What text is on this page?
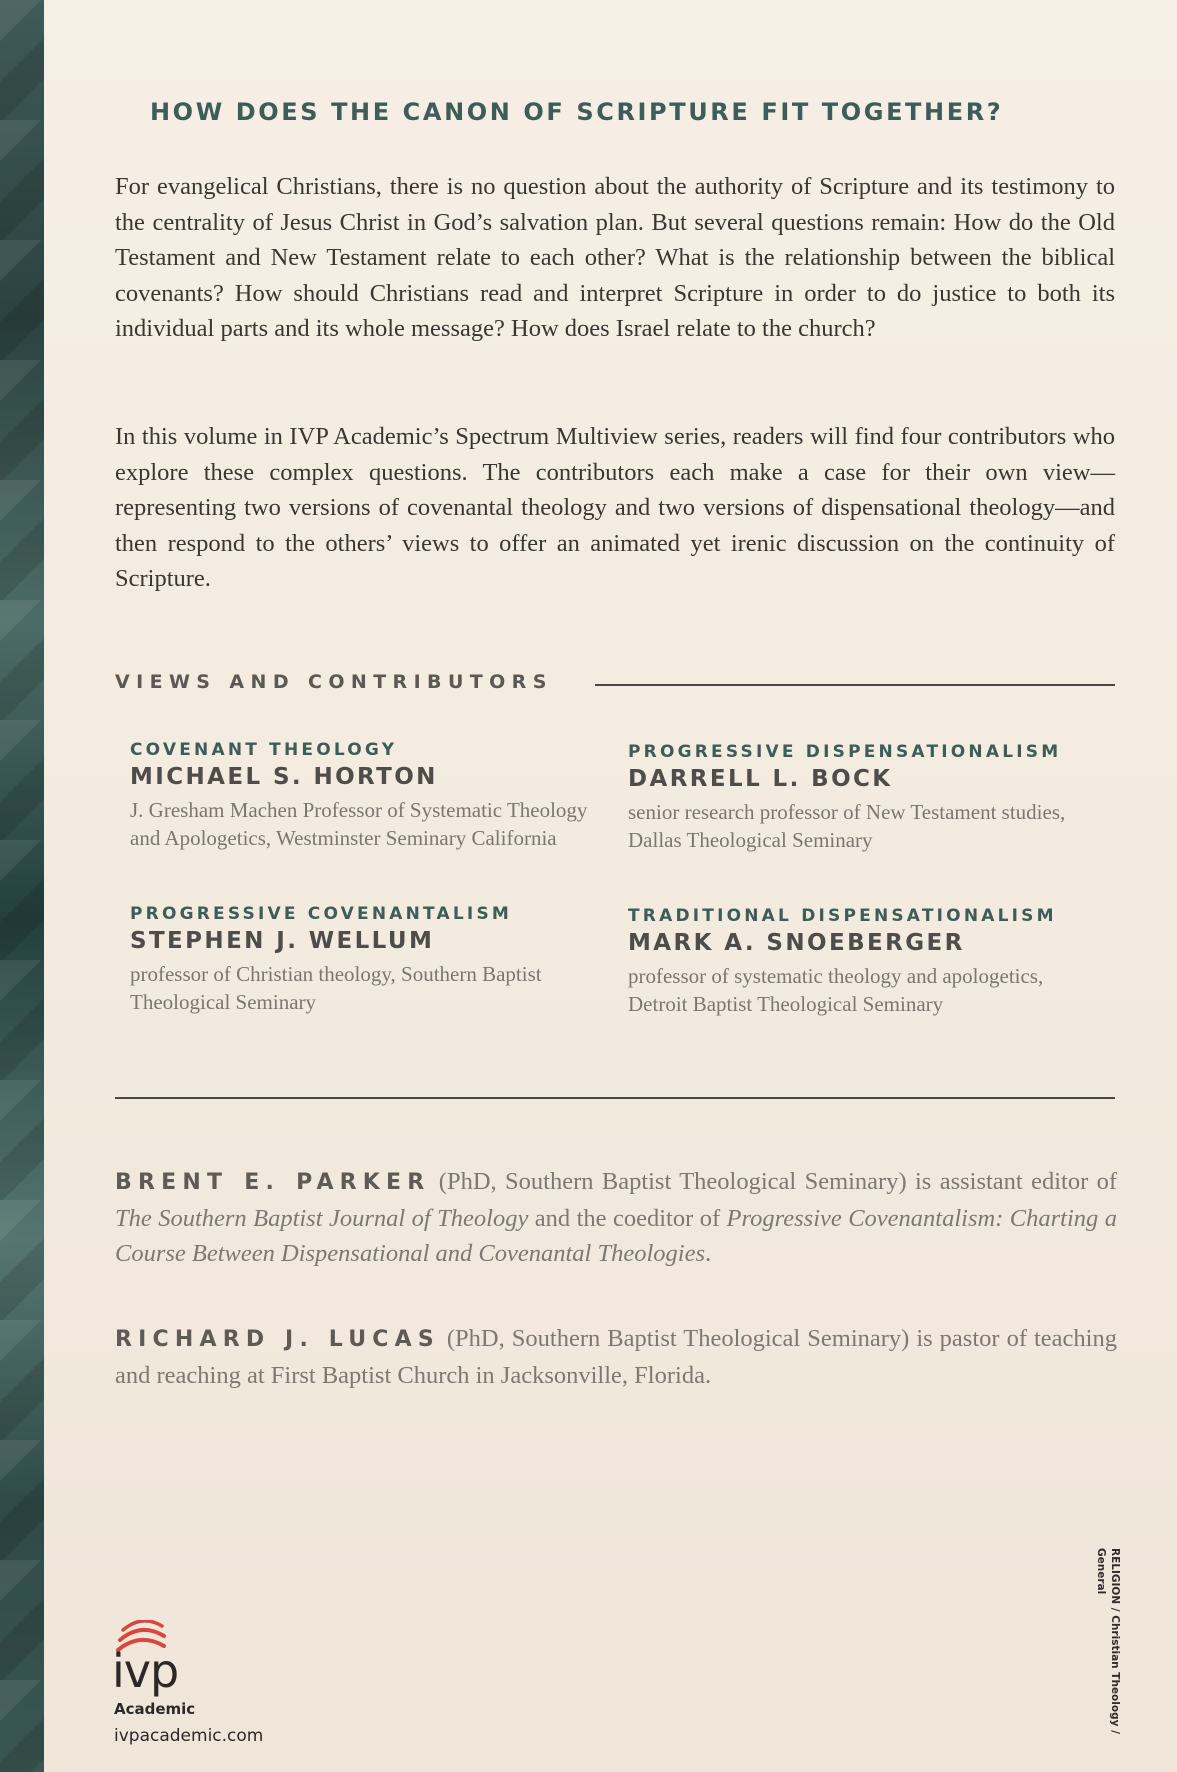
HOW DOES THE CANON OF SCRIPTURE FIT TOGETHER?
For evangelical Christians, there is no question about the authority of Scripture and its testimony to the centrality of Jesus Christ in God’s salvation plan. But several questions remain: How do the Old Testament and New Testament relate to each other? What is the relationship between the biblical covenants? How should Christians read and interpret Scripture in order to do justice to both its individual parts and its whole message? How does Israel relate to the church?
In this volume in IVP Academic’s Spectrum Multiview series, readers will find four contributors who explore these complex questions. The contributors each make a case for their own view—representing two versions of covenantal theology and two versions of dispensational theology—and then respond to the others’ views to offer an animated yet irenic discussion on the continuity of Scripture.
VIEWS AND CONTRIBUTORS
COVENANT THEOLOGY
MICHAEL S. HORTON
J. Gresham Machen Professor of Systematic Theology and Apologetics, Westminster Seminary California
PROGRESSIVE DISPENSATIONALISM
DARRELL L. BOCK
senior research professor of New Testament studies, Dallas Theological Seminary
PROGRESSIVE COVENANTALISM
STEPHEN J. WELLUM
professor of Christian theology, Southern Baptist Theological Seminary
TRADITIONAL DISPENSATIONALISM
MARK A. SNOEBERGER
professor of systematic theology and apologetics, Detroit Baptist Theological Seminary
BRENT E. PARKER (PhD, Southern Baptist Theological Seminary) is assistant editor of The Southern Baptist Journal of Theology and the coeditor of Progressive Covenantalism: Charting a Course Between Dispensational and Covenantal Theologies.
RICHARD J. LUCAS (PhD, Southern Baptist Theological Seminary) is pastor of teaching and reaching at First Baptist Church in Jacksonville, Florida.
ivp
Academic
ivpacademic.com
RELIGION / Christian Theology / General
